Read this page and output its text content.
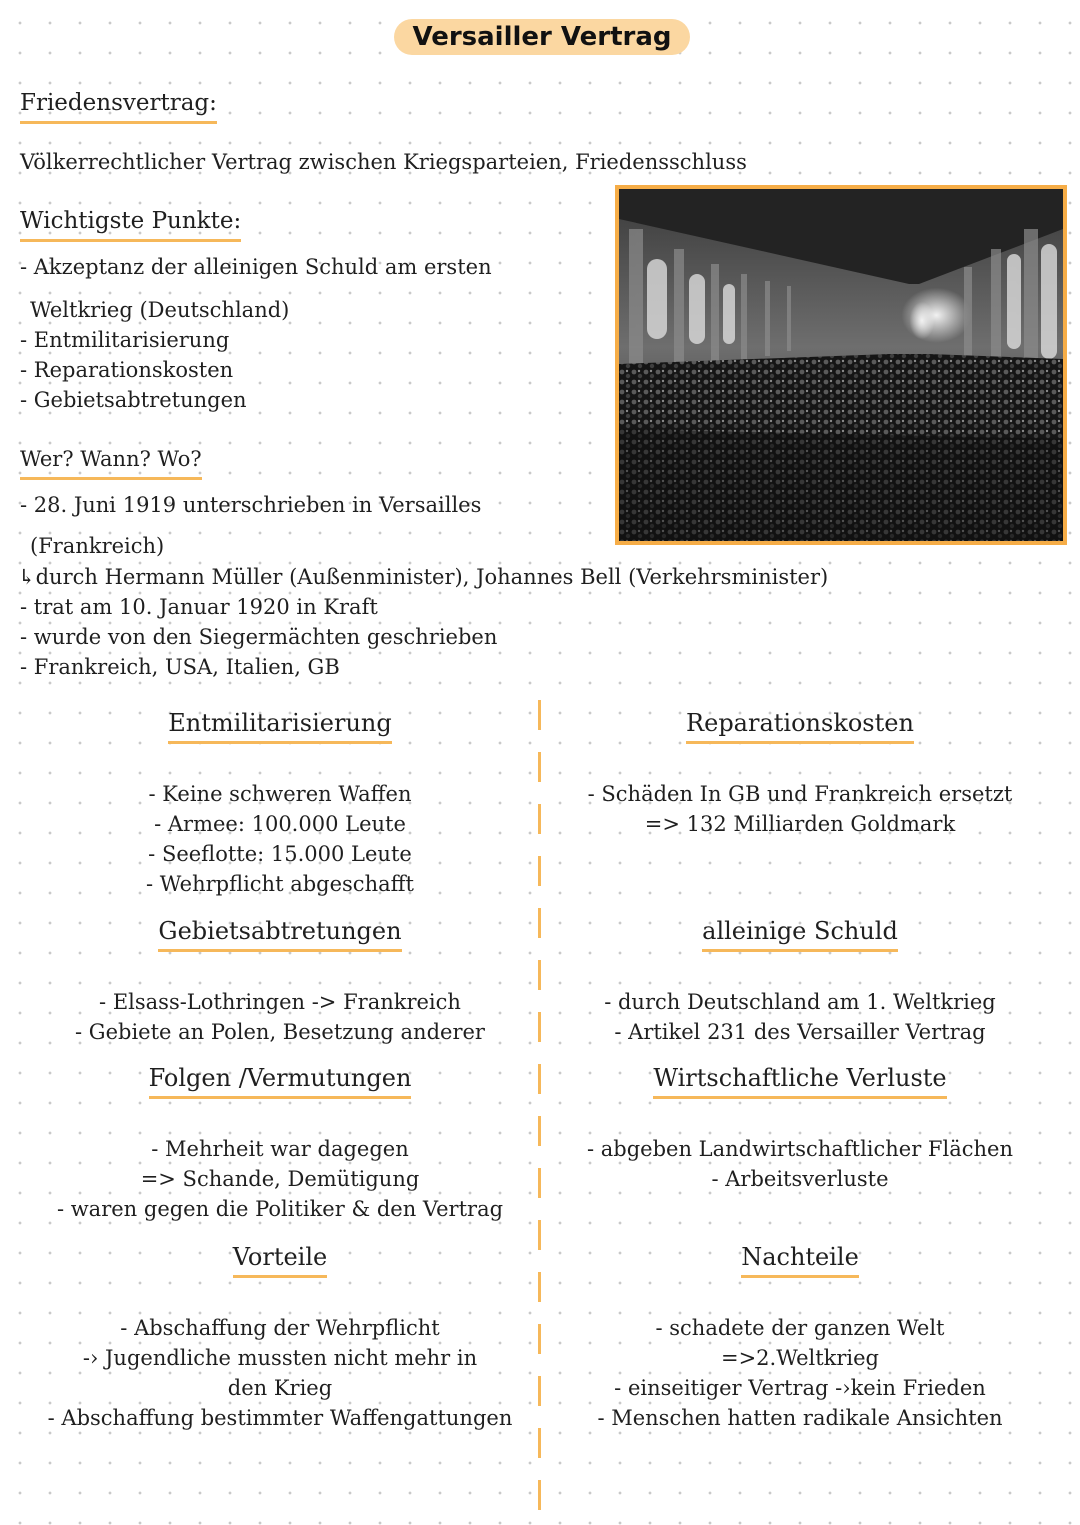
Versailler Vertrag
Friedensvertrag:
Völkerrechtlicher Vertrag zwischen Kriegsparteien, Friedensschluss
Wichtigste Punkte:
- Akzeptanz der alleinigen Schuld am ersten
Weltkrieg (Deutschland)
- Entmilitarisierung
- Reparationskosten
- Gebietsabtretungen
Wer? Wann? Wo?
- 28. Juni 1919 unterschrieben in Versailles
(Frankreich)
↳durch Hermann Müller (Außenminister), Johannes Bell (Verkehrsminister)
- trat am 10. Januar 1920 in Kraft
- wurde von den Siegermächten geschrieben
- Frankreich, USA, Italien, GB
Entmilitarisierung
- Keine schweren Waffen
- Armee: 100.000 Leute
- Seeflotte: 15.000 Leute
- Wehrpflicht abgeschafft
Reparationskosten
- Schäden In GB und Frankreich ersetzt
=> 132 Milliarden Goldmark
Gebietsabtretungen
- Elsass-Lothringen -> Frankreich
- Gebiete an Polen, Besetzung anderer
alleinige Schuld
- durch Deutschland am 1. Weltkrieg
- Artikel 231 des Versailler Vertrag
Folgen /Vermutungen
- Mehrheit war dagegen
=> Schande, Demütigung
- waren gegen die Politiker & den Vertrag
Wirtschaftliche Verluste
- abgeben Landwirtschaftlicher Flächen
- Arbeitsverluste
Vorteile
- Abschaffung der Wehrpflicht
-› Jugendliche mussten nicht mehr in
den Krieg
- Abschaffung bestimmter Waffengattungen
Nachteile
- schadete der ganzen Welt
=>2.Weltkrieg
- einseitiger Vertrag -›kein Frieden
- Menschen hatten radikale Ansichten
